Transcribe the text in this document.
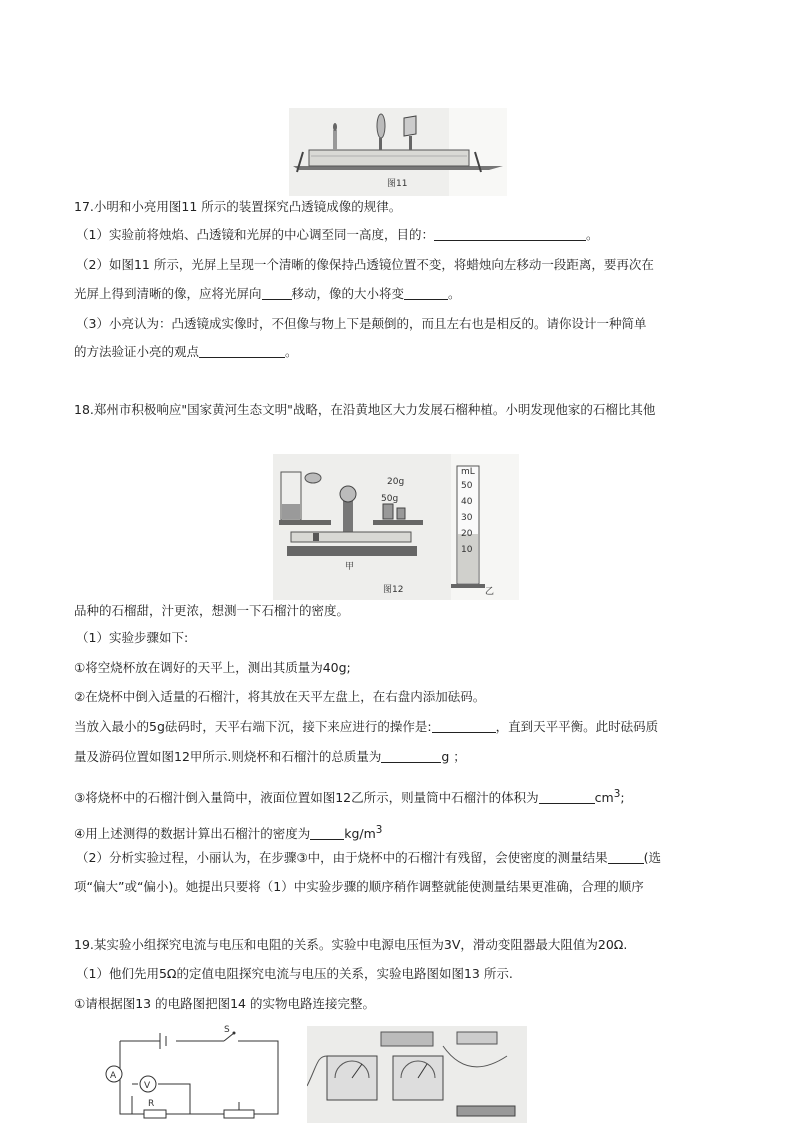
图11
17.小明和小亮用图11 所示的装置探究凸透镜成像的规律。
（1）实验前将烛焰、凸透镜和光屏的中心调至同一高度，目的：	。
（2）如图11 所示，光屏上呈现一个清晰的像保持凸透镜位置不变，将蜡烛向左移动一段距离，要再次在
光屏上得到清晰的像，应将光屏向 移动，像的大小将变	。
（3）小亮认为：凸透镜成实像时，不但像与物上下是颠倒的，而且左右也是相反的。请你设计一种简单
的方法验证小亮的观点	。
18.郑州市积极响应"国家黄河生态文明"战略，在沿黄地区大力发展石榴种植。小明发现他家的石榴比其他
50g
20g
甲
图12
mL
50
40
30
20
10
乙
品种的石榴甜，汁更浓，想测一下石榴汁的密度。
（1）实验步骤如下:
①将空烧杯放在调好的天平上，测出其质量为40g;
②在烧杯中倒入适量的石榴汁，将其放在天平左盘上，在右盘内添加砝码。
当放入最小的5g砝码时，天平右端下沉，接下来应进行的操作是:	，直到天平平衡。此时砝码质
量及游码位置如图12甲所示.则烧杯和石榴汁的总质量为	g ；
③将烧杯中的石榴汁倒入量筒中，液面位置如图12乙所示，则量筒中石榴汁的体积为	$cm^3$;
④用上述测得的数据计算出石榴汁的密度为	$kg/m^3$
（2）分析实验过程，小丽认为，在步骤③中，由于烧杯中的石榴汁有残留，会使密度的测量结果	(选
项“偏大”或“偏小)。她提出只要将（1）中实验步骤的顺序稍作调整就能使测量结果更准确，合理的顺序
19.某实验小组探究电流与电压和电阻的关系。实验中电源电压恒为3V，滑动变阻器最大阻值为20Ω.
（1）他们先用5Ω的定值电阻探究电流与电压的关系，实验电路图如图13 所示.
①请根据图13 的电路图把图14 的实物电路连接完整。
A
V
R
S
